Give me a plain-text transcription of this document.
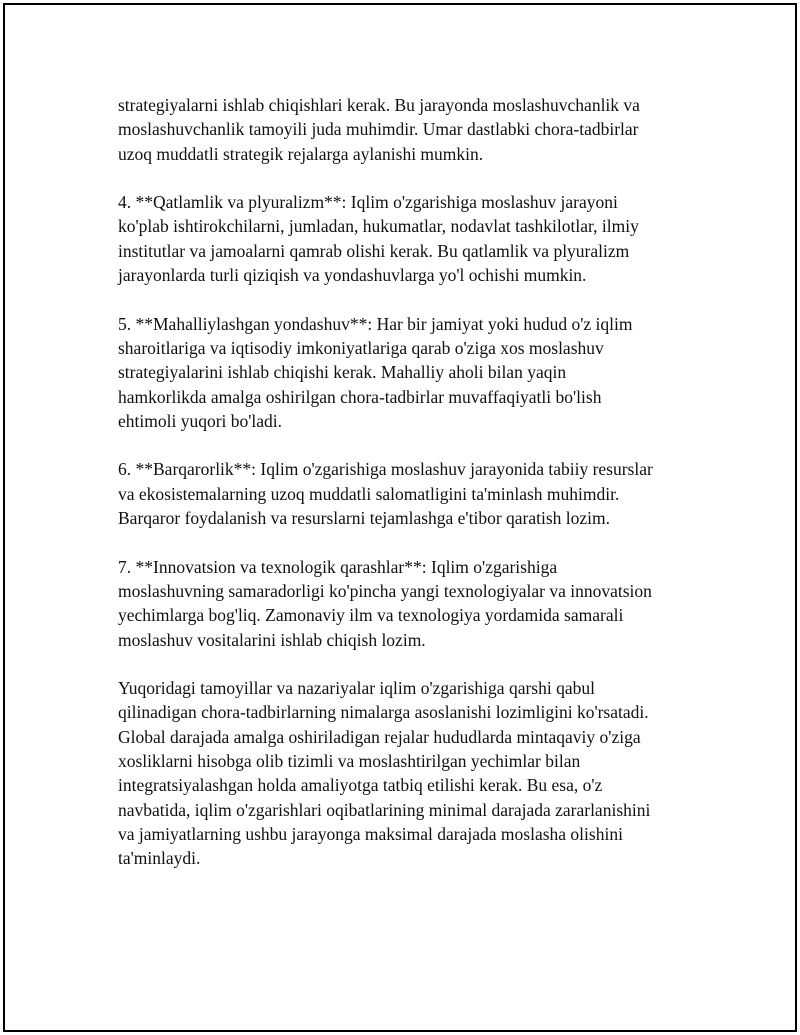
strategiyalarni ishlab chiqishlari kerak. Bu jarayonda moslashuvchanlik va
moslashuvchanlik tamoyili juda muhimdir. Umar dastlabki chora-tadbirlar
uzoq muddatli strategik rejalarga aylanishi mumkin.

4. **Qatlamlik va plyuralizm**: Iqlim o'zgarishiga moslashuv jarayoni
ko'plab ishtirokchilarni, jumladan, hukumatlar, nodavlat tashkilotlar, ilmiy
institutlar va jamoalarni qamrab olishi kerak. Bu qatlamlik va plyuralizm
jarayonlarda turli qiziqish va yondashuvlarga yo'l ochishi mumkin.

5. **Mahalliylashgan yondashuv**: Har bir jamiyat yoki hudud o'z iqlim
sharoitlariga va iqtisodiy imkoniyatlariga qarab o'ziga xos moslashuv
strategiyalarini ishlab chiqishi kerak. Mahalliy aholi bilan yaqin
hamkorlikda amalga oshirilgan chora-tadbirlar muvaffaqiyatli bo'lish
ehtimoli yuqori bo'ladi.

6. **Barqarorlik**: Iqlim o'zgarishiga moslashuv jarayonida tabiiy resurslar
va ekosistemalarning uzoq muddatli salomatligini ta'minlash muhimdir.
Barqaror foydalanish va resurslarni tejamlashga e'tibor qaratish lozim.

7. **Innovatsion va texnologik qarashlar**: Iqlim o'zgarishiga
moslashuvning samaradorligi ko'pincha yangi texnologiyalar va innovatsion
yechimlarga bog'liq. Zamonaviy ilm va texnologiya yordamida samarali
moslashuv vositalarini ishlab chiqish lozim.

Yuqoridagi tamoyillar va nazariyalar iqlim o'zgarishiga qarshi qabul
qilinadigan chora-tadbirlarning nimalarga asoslanishi lozimligini ko'rsatadi.
Global darajada amalga oshiriladigan rejalar hududlarda mintaqaviy o'ziga
xosliklarni hisobga olib tizimli va moslashtirilgan yechimlar bilan
integratsiyalashgan holda amaliyotga tatbiq etilishi kerak. Bu esa, o'z
navbatida, iqlim o'zgarishlari oqibatlarining minimal darajada zararlanishini
va jamiyatlarning ushbu jarayonga maksimal darajada moslasha olishini
ta'minlaydi.
